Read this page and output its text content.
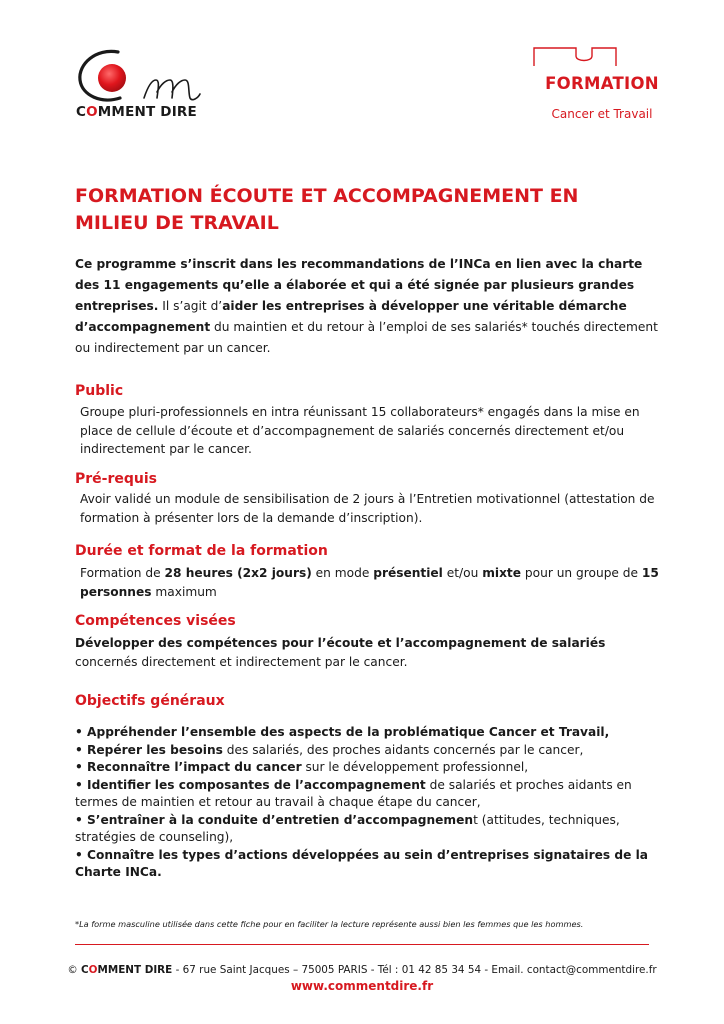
COMMENT DIRE
FORMATION
Cancer et Travail
FORMATION ÉCOUTE ET ACCOMPAGNEMENT EN MILIEU DE TRAVAIL

Ce programme s’inscrit dans les recommandations de l’INCa en lien avec la charte des 11 engagements qu’elle a élaborée et qui a été signée par plusieurs grandes entreprises. Il s’agit d’aider les entreprises à développer une véritable démarche d’accompagnement du maintien et du retour à l’emploi de ses salariés* touchés directement ou indirectement par un cancer.

Public

Groupe pluri-professionnels en intra réunissant 15 collaborateurs* engagés dans la mise en place de cellule d’écoute et d’accompagnement de salariés concernés directement et/ou indirectement par le cancer.

Pré-requis

Avoir validé un module de sensibilisation de 2 jours à l’Entretien motivationnel (attestation de formation à présenter lors de la demande d’inscription).

Durée et format de la formation

Formation de 28 heures (2x2 jours) en mode présentiel et/ou mixte pour un groupe de 15 personnes maximum

Compétences visées

Développer des compétences pour l’écoute et l’accompagnement de salariés concernés directement et indirectement par le cancer.

Objectifs généraux
• Appréhender l’ensemble des aspects de la problématique Cancer et Travail,
• Repérer les besoins des salariés, des proches aidants concernés par le cancer,
• Reconnaître l’impact du cancer sur le développement professionnel,
• Identifier les composantes de l’accompagnement de salariés et proches aidants en termes de maintien et retour au travail à chaque étape du cancer,
• S’entraîner à la conduite d’entretien d’accompagnement (attitudes, techniques, stratégies de counseling),
• Connaître les types d’actions développées au sein d’entreprises signataires de la Charte INCa.

*La forme masculine utilisée dans cette fiche pour en faciliter la lecture représente aussi bien les femmes que les hommes.

© COMMENT DIRE - 67 rue Saint Jacques – 75005 PARIS - Tél : 01 42 85 34 54 - Email. contact@commentdire.fr

www.commentdire.fr
